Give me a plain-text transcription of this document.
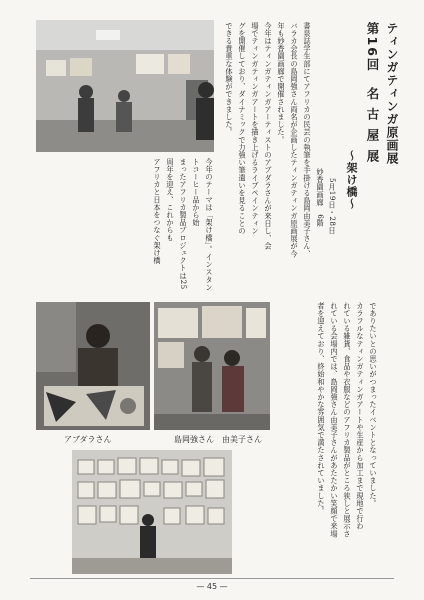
ティンガティンガ原画展
第16回　名 古 屋 展
～架け橋～
5月19日・28日
妙香園画廊　6階

書泉誌学生部にてアフリカの民芸の執筆を手掛ける島岡由美子さん、

バラカ会長の島岡強さん両名が企画したティンガティンガ原画展が今

年も妙香園画廊で開催されました。

今年はティンガティンガアーティストのアブダラさんが来日し、会

場でティンガティンガアートを描き上げるライブペインティン

グを開催しており、ダイナミックで力強い筆遣いを見ることの

できる貴重な体験ができました。

今年のテーマは「架け橋」。インスタントコーヒー品から始

まったアフリカ製品プロジェクトは25周年を迎え、これからも

アフリカと日本をつなぐ架け橋

アブダラさん	島岡強さん　由美子さん	でありたいとの思いがつまったイベントとなっていました。

カラフルなティンガティンガアートや生産から加工まで現地で行わ

れている雑貨、食品や衣服などのアフリカ製品がところ狭しと展示さ

れている会場内では、島岡強さん由美子さんがあたたかい笑顔で来場

者を迎えており、終始和やかな雰囲気で満たされていました。

— 45 —
